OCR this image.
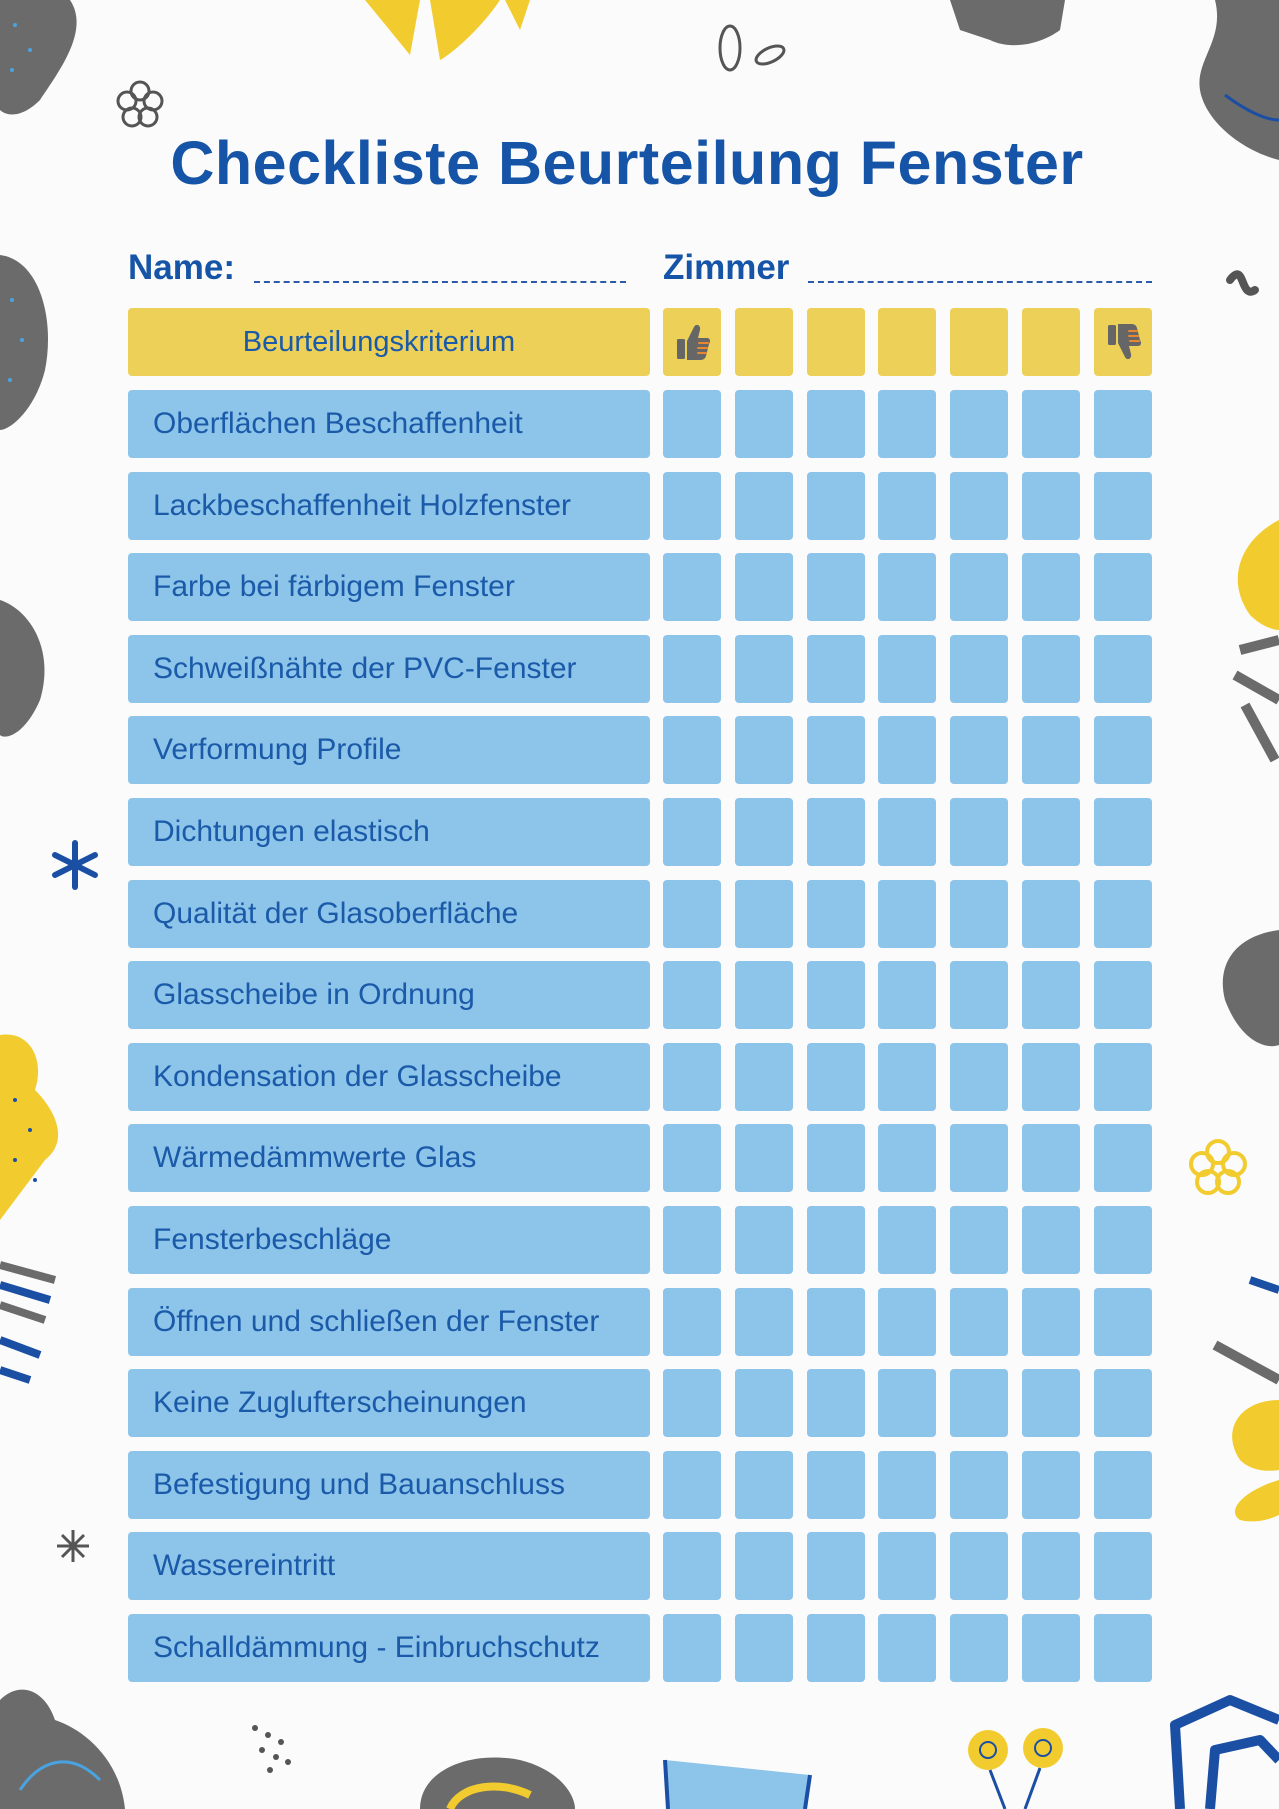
Checkliste Beurteilung Fenster
Name:	Zimmer
Beurteilungskriterium
Oberflächen Beschaffenheit
Lackbeschaffenheit Holzfenster
Farbe bei färbigem Fenster
Schweißnähte der PVC-Fenster
Verformung Profile
Dichtungen elastisch
Qualität der Glasoberfläche
Glasscheibe in Ordnung
Kondensation der Glasscheibe
Wärmedämmwerte Glas
Fensterbeschläge
Öffnen und schließen der Fenster
Keine Zuglufterscheinungen
Befestigung und Bauanschluss
Wassereintritt
Schalldämmung - Einbruchschutz
